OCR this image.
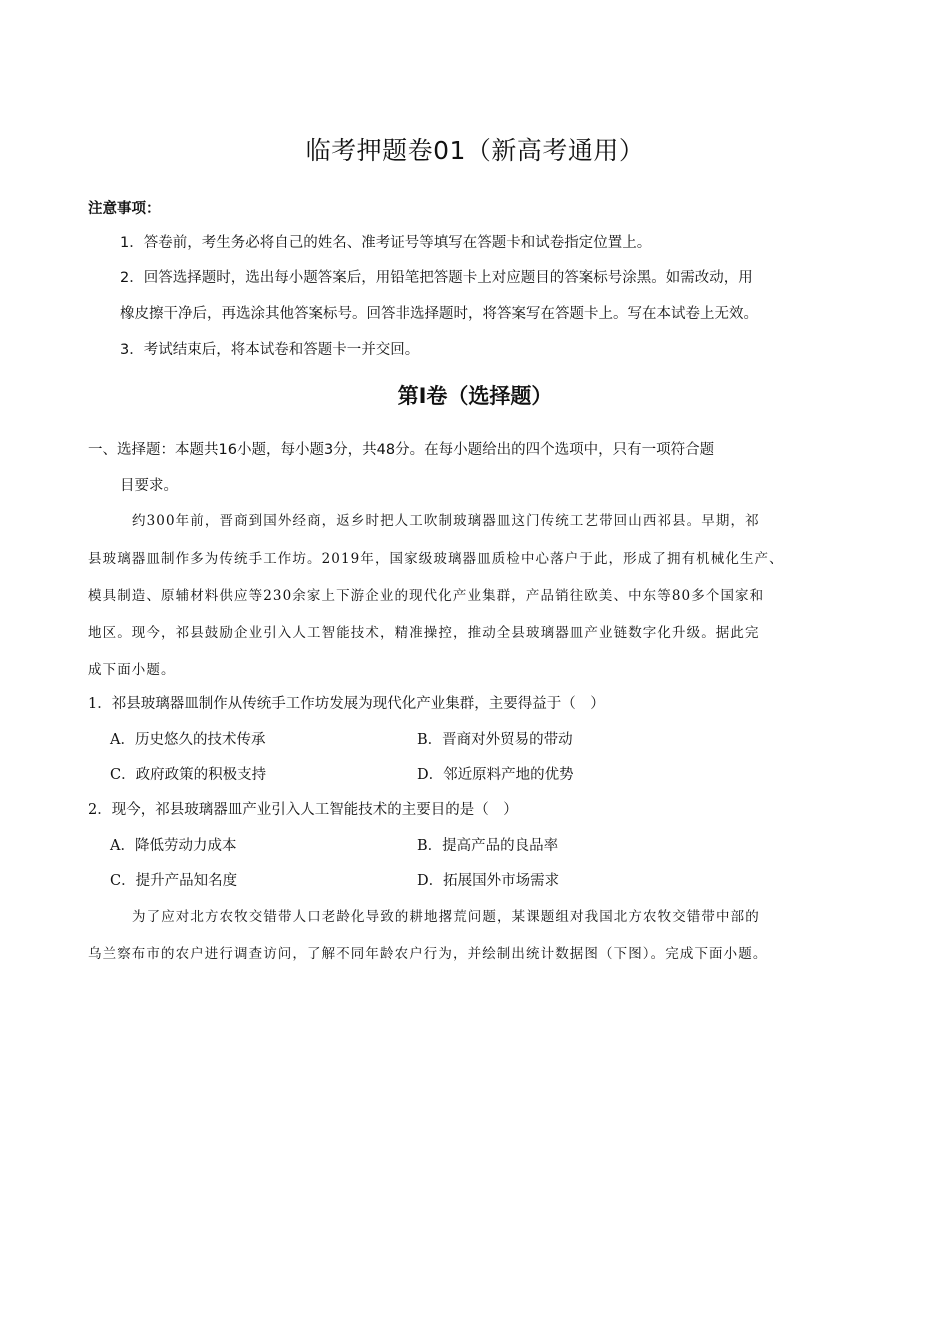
临考押题卷01（新高考通用）
注意事项：
1．答卷前，考生务必将自己的姓名、准考证号等填写在答题卡和试卷指定位置上。
2．回答选择题时，选出每小题答案后，用铅笔把答题卡上对应题目的答案标号涂黑。如需改动，用
橡皮擦干净后，再选涂其他答案标号。回答非选择题时，将答案写在答题卡上。写在本试卷上无效。
3．考试结束后，将本试卷和答题卡一并交回。
第Ⅰ卷（选择题）
一、选择题：本题共16小题，每小题3分，共48分。在每小题给出的四个选项中，只有一项符合题
目要求。
约300年前，晋商到国外经商，返乡时把人工吹制玻璃器皿这门传统工艺带回山西祁县。早期，祁
县玻璃器皿制作多为传统手工作坊。2019年，国家级玻璃器皿质检中心落户于此，形成了拥有机械化生产、
模具制造、原辅材料供应等230余家上下游企业的现代化产业集群，产品销往欧美、中东等80多个国家和
地区。现今，祁县鼓励企业引入人工智能技术，精准操控，推动全县玻璃器皿产业链数字化升级。据此完
成下面小题。
1．祁县玻璃器皿制作从传统手工作坊发展为现代化产业集群，主要得益于（　）
A．历史悠久的技术传承	B．晋商对外贸易的带动
C．政府政策的积极支持	D．邻近原料产地的优势
2．现今，祁县玻璃器皿产业引入人工智能技术的主要目的是（　）
A．降低劳动力成本	B．提高产品的良品率
C．提升产品知名度	D．拓展国外市场需求
为了应对北方农牧交错带人口老龄化导致的耕地撂荒问题，某课题组对我国北方农牧交错带中部的
乌兰察布市的农户进行调查访问，了解不同年龄农户行为，并绘制出统计数据图（下图）。完成下面小题。
